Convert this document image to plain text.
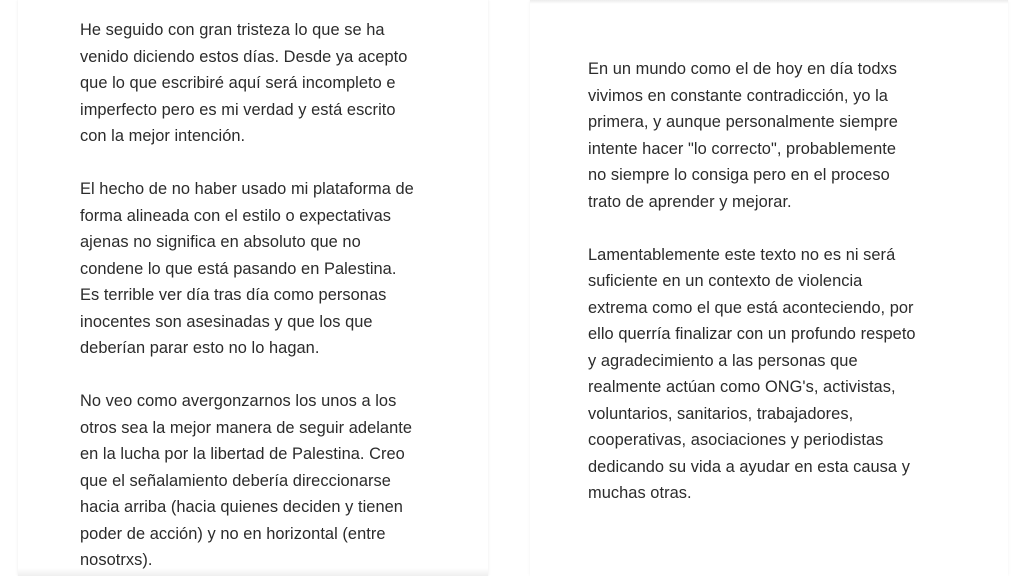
He seguido con gran tristeza lo que se ha
venido diciendo estos días. Desde ya acepto
que lo que escribiré aquí será incompleto e
imperfecto pero es mi verdad y está escrito
con la mejor intención.

El hecho de no haber usado mi plataforma de
forma alineada con el estilo o expectativas
ajenas no significa en absoluto que no
condene lo que está pasando en Palestina.
Es terrible ver día tras día como personas
inocentes son asesinadas y que los que
deberían parar esto no lo hagan.

No veo como avergonzarnos los unos a los
otros sea la mejor manera de seguir adelante
en la lucha por la libertad de Palestina. Creo
que el señalamiento debería direccionarse
hacia arriba (hacia quienes deciden y tienen
poder de acción) y no en horizontal (entre
nosotrxs).

En un mundo como el de hoy en día todxs
vivimos en constante contradicción, yo la
primera, y aunque personalmente siempre
intente hacer "lo correcto", probablemente
no siempre lo consiga pero en el proceso
trato de aprender y mejorar.

Lamentablemente este texto no es ni será
suficiente en un contexto de violencia
extrema como el que está aconteciendo, por
ello querría finalizar con un profundo respeto
y agradecimiento a las personas que
realmente actúan como ONG's, activistas,
voluntarios, sanitarios, trabajadores,
cooperativas, asociaciones y periodistas
dedicando su vida a ayudar en esta causa y
muchas otras.
